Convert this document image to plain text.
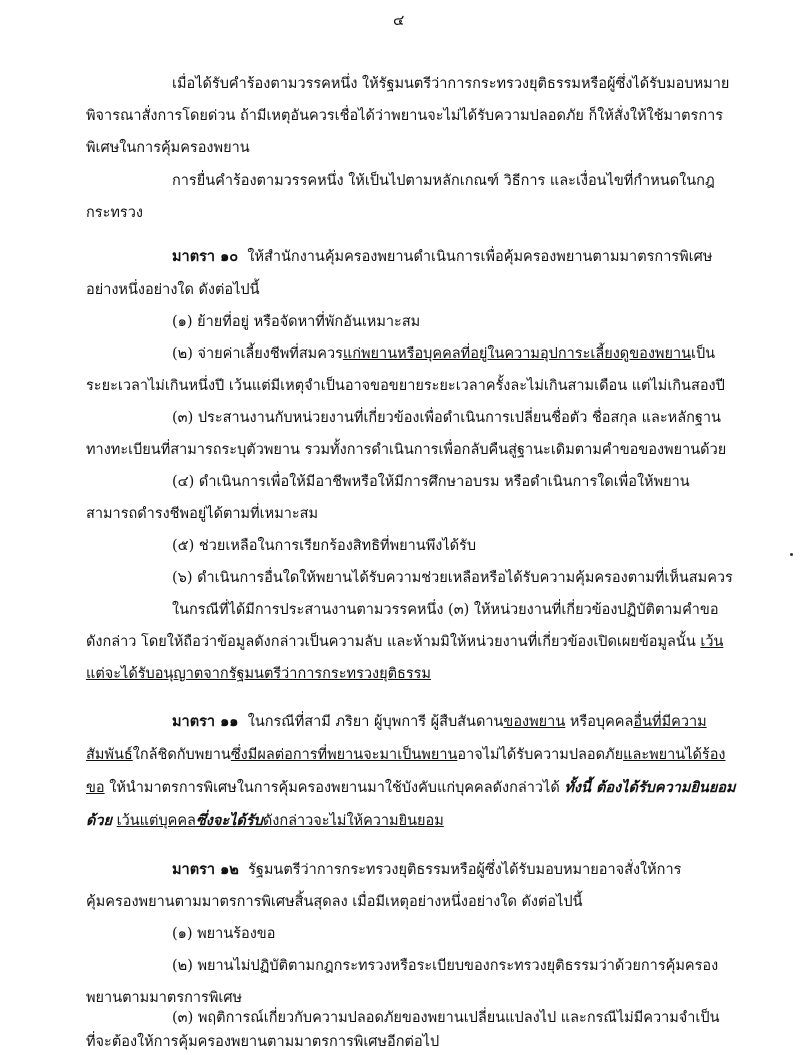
๔
เมื่อได้รับคำร้องตามวรรคหนึ่ง ให้รัฐมนตรีว่าการกระทรวงยุติธรรมหรือผู้ซึ่งได้รับมอบหมาย
พิจารณาสั่งการโดยด่วน ถ้ามีเหตุอันควรเชื่อได้ว่าพยานจะไม่ได้รับความปลอดภัย ก็ให้สั่งให้ใช้มาตรการ
พิเศษในการคุ้มครองพยาน
การยื่นคำร้องตามวรรคหนึ่ง ให้เป็นไปตามหลักเกณฑ์ วิธีการ และเงื่อนไขที่กำหนดในกฎ
กระทรวง
มาตรา ๑๐ ให้สำนักงานคุ้มครองพยานดำเนินการเพื่อคุ้มครองพยานตามมาตรการพิเศษ
อย่างหนึ่งอย่างใด ดังต่อไปนี้
(๑) ย้ายที่อยู่ หรือจัดหาที่พักอันเหมาะสม
(๒) จ่ายค่าเลี้ยงชีพที่สมควรแก่พยานหรือบุคคลที่อยู่ในความอุปการะเลี้ยงดูของพยานเป็น
ระยะเวลาไม่เกินหนึ่งปี เว้นแต่มีเหตุจำเป็นอาจขอขยายระยะเวลาครั้งละไม่เกินสามเดือน แต่ไม่เกินสองปี
(๓) ประสานงานกับหน่วยงานที่เกี่ยวข้องเพื่อดำเนินการเปลี่ยนชื่อตัว ชื่อสกุล และหลักฐาน
ทางทะเบียนที่สามารถระบุตัวพยาน รวมทั้งการดำเนินการเพื่อกลับคืนสู่ฐานะเดิมตามคำขอของพยานด้วย
(๔) ดำเนินการเพื่อให้มีอาชีพหรือให้มีการศึกษาอบรม หรือดำเนินการใดเพื่อให้พยาน
สามารถดำรงชีพอยู่ได้ตามที่เหมาะสม
(๕) ช่วยเหลือในการเรียกร้องสิทธิที่พยานพึงได้รับ
(๖) ดำเนินการอื่นใดให้พยานได้รับความช่วยเหลือหรือได้รับความคุ้มครองตามที่เห็นสมควร
ในกรณีที่ได้มีการประสานงานตามวรรคหนึ่ง (๓) ให้หน่วยงานที่เกี่ยวข้องปฏิบัติตามคำขอ
ดังกล่าว โดยให้ถือว่าข้อมูลดังกล่าวเป็นความลับ และห้ามมิให้หน่วยงานที่เกี่ยวข้องเปิดเผยข้อมูลนั้น เว้น
แต่จะได้รับอนุญาตจากรัฐมนตรีว่าการกระทรวงยุติธรรม
มาตรา ๑๑ ในกรณีที่สามี ภริยา ผู้บุพการี ผู้สืบสันดานของพยาน หรือบุคคลอื่นที่มีความ
สัมพันธ์ใกล้ชิดกับพยานซึ่งมีผลต่อการที่พยานจะมาเป็นพยานอาจไม่ได้รับความปลอดภัยและพยานได้ร้อง
ขอ ให้นำมาตรการพิเศษในการคุ้มครองพยานมาใช้บังคับแก่บุคคลดังกล่าวได้ ทั้งนี้ ต้องได้รับความยินยอม
ด้วย เว้นแต่บุคคลซึ่งจะได้รับดังกล่าวจะไม่ให้ความยินยอม
มาตรา ๑๒ รัฐมนตรีว่าการกระทรวงยุติธรรมหรือผู้ซึ่งได้รับมอบหมายอาจสั่งให้การ
คุ้มครองพยานตามมาตรการพิเศษสิ้นสุดลง เมื่อมีเหตุอย่างหนึ่งอย่างใด ดังต่อไปนี้
(๑) พยานร้องขอ
(๒) พยานไม่ปฏิบัติตามกฎกระทรวงหรือระเบียบของกระทรวงยุติธรรมว่าด้วยการคุ้มครอง
พยานตามมาตรการพิเศษ
(๓) พฤติการณ์เกี่ยวกับความปลอดภัยของพยานเปลี่ยนแปลงไป และกรณีไม่มีความจำเป็น
ที่จะต้องให้การคุ้มครองพยานตามมาตรการพิเศษอีกต่อไป
